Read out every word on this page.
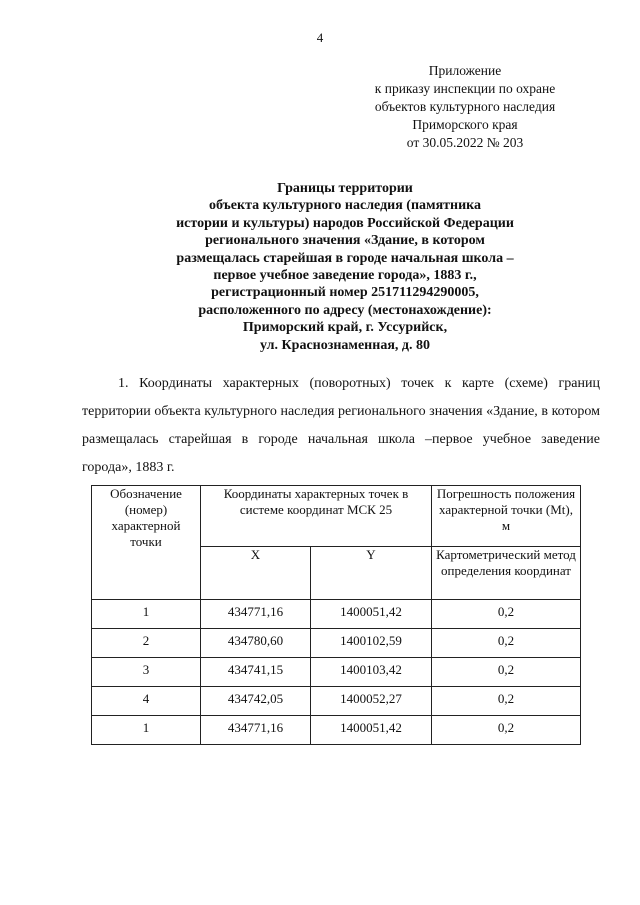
4
Приложение
к приказу инспекции по охране
объектов культурного наследия
Приморского края
от 30.05.2022 № 203
Границы территории
объекта культурного наследия (памятника
истории и культуры) народов Российской Федерации
регионального значения «Здание, в котором
размещалась старейшая в городе начальная школа –
первое учебное заведение города», 1883 г.,
регистрационный номер 251711294290005,
расположенного по адресу (местонахождение):
Приморский край, г. Уссурийск,
ул. Краснознаменная, д. 80
1. Координаты характерных (поворотных) точек к карте (схеме) границ территории объекта культурного наследия регионального значения «Здание, в котором размещалась старейшая в городе начальная школа –первое учебное заведение города», 1883 г.
Обозначение (номер) характерной точки	Координаты характерных точек в системе координат МСК 25		Погрешность положения характерной точки (Mt), м
	X	Y	Картометрический метод определения координат
1	434771,16	1400051,42	0,2
2	434780,60	1400102,59	0,2
3	434741,15	1400103,42	0,2
4	434742,05	1400052,27	0,2
1	434771,16	1400051,42	0,2
